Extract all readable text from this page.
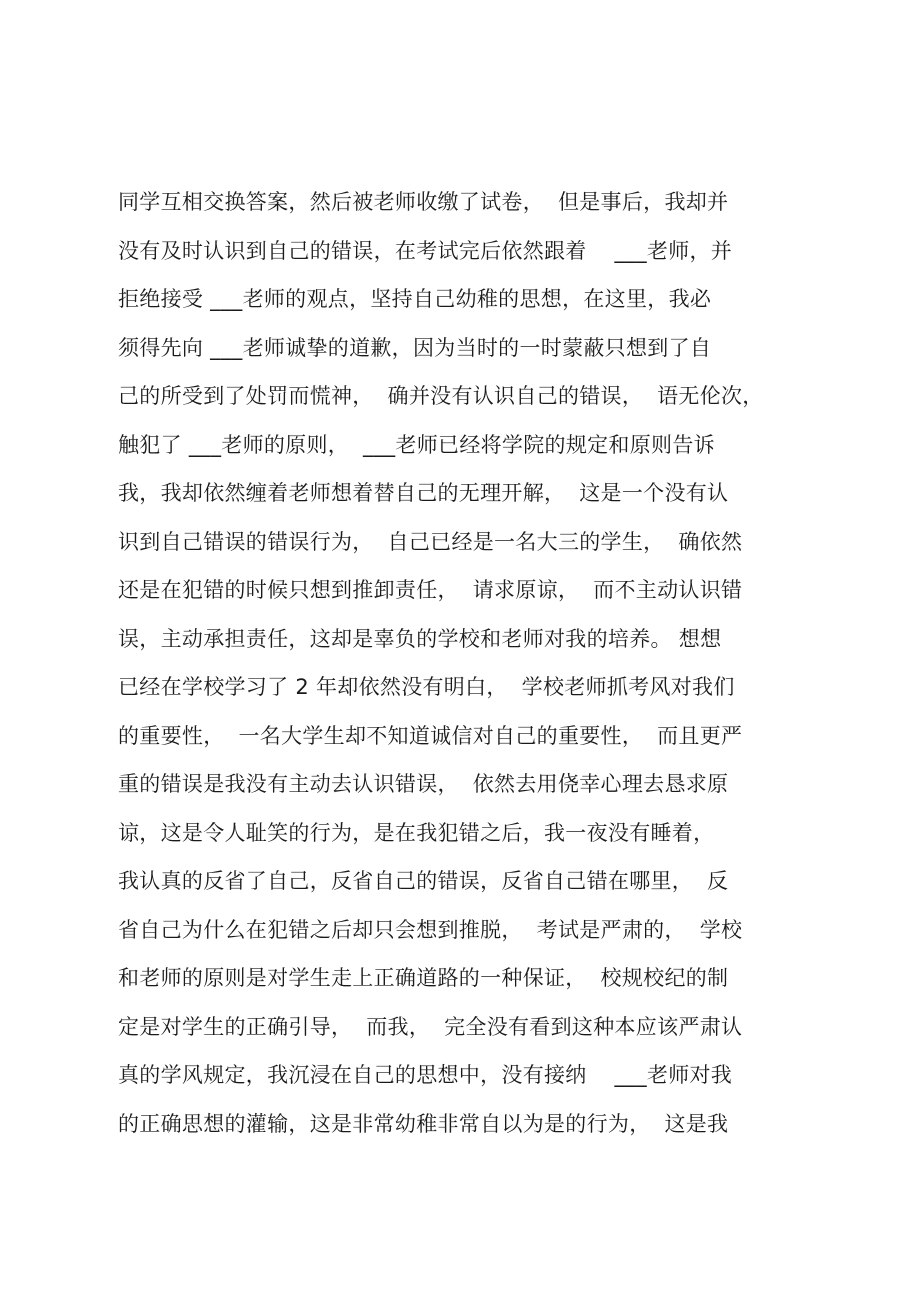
同学互相交换答案，然后被老师收缴了试卷，  但是事后，我却并
没有及时认识到自己的错误，在考试完后依然跟着    ___老师，并
拒绝接受 ___老师的观点，坚持自己幼稚的思想，在这里，我必
须得先向 ___老师诚挚的道歉，因为当时的一时蒙蔽只想到了自
己的所受到了处罚而慌神，  确并没有认识自己的错误，  语无伦次，
触犯了 ___老师的原则，  ___老师已经将学院的规定和原则告诉
我，我却依然缠着老师想着替自己的无理开解，  这是一个没有认
识到自己错误的错误行为，  自己已经是一名大三的学生，  确依然
还是在犯错的时候只想到推卸责任，  请求原谅，  而不主动认识错
误，主动承担责任，这却是辜负的学校和老师对我的培养。 想想
已经在学校学习了 2 年却依然没有明白，  学校老师抓考风对我们
的重要性，  一名大学生却不知道诚信对自己的重要性，  而且更严
重的错误是我没有主动去认识错误，  依然去用侥幸心理去恳求原
谅，这是令人耻笑的行为，是在我犯错之后，我一夜没有睡着，
我认真的反省了自己，反省自己的错误，反省自己错在哪里，  反
省自己为什么在犯错之后却只会想到推脱，  考试是严肃的，  学校
和老师的原则是对学生走上正确道路的一种保证，  校规校纪的制
定是对学生的正确引导，  而我，  完全没有看到这种本应该严肃认
真的学风规定，我沉浸在自己的思想中，没有接纳    ___老师对我
的正确思想的灌输，这是非常幼稚非常自以为是的行为，  这是我
